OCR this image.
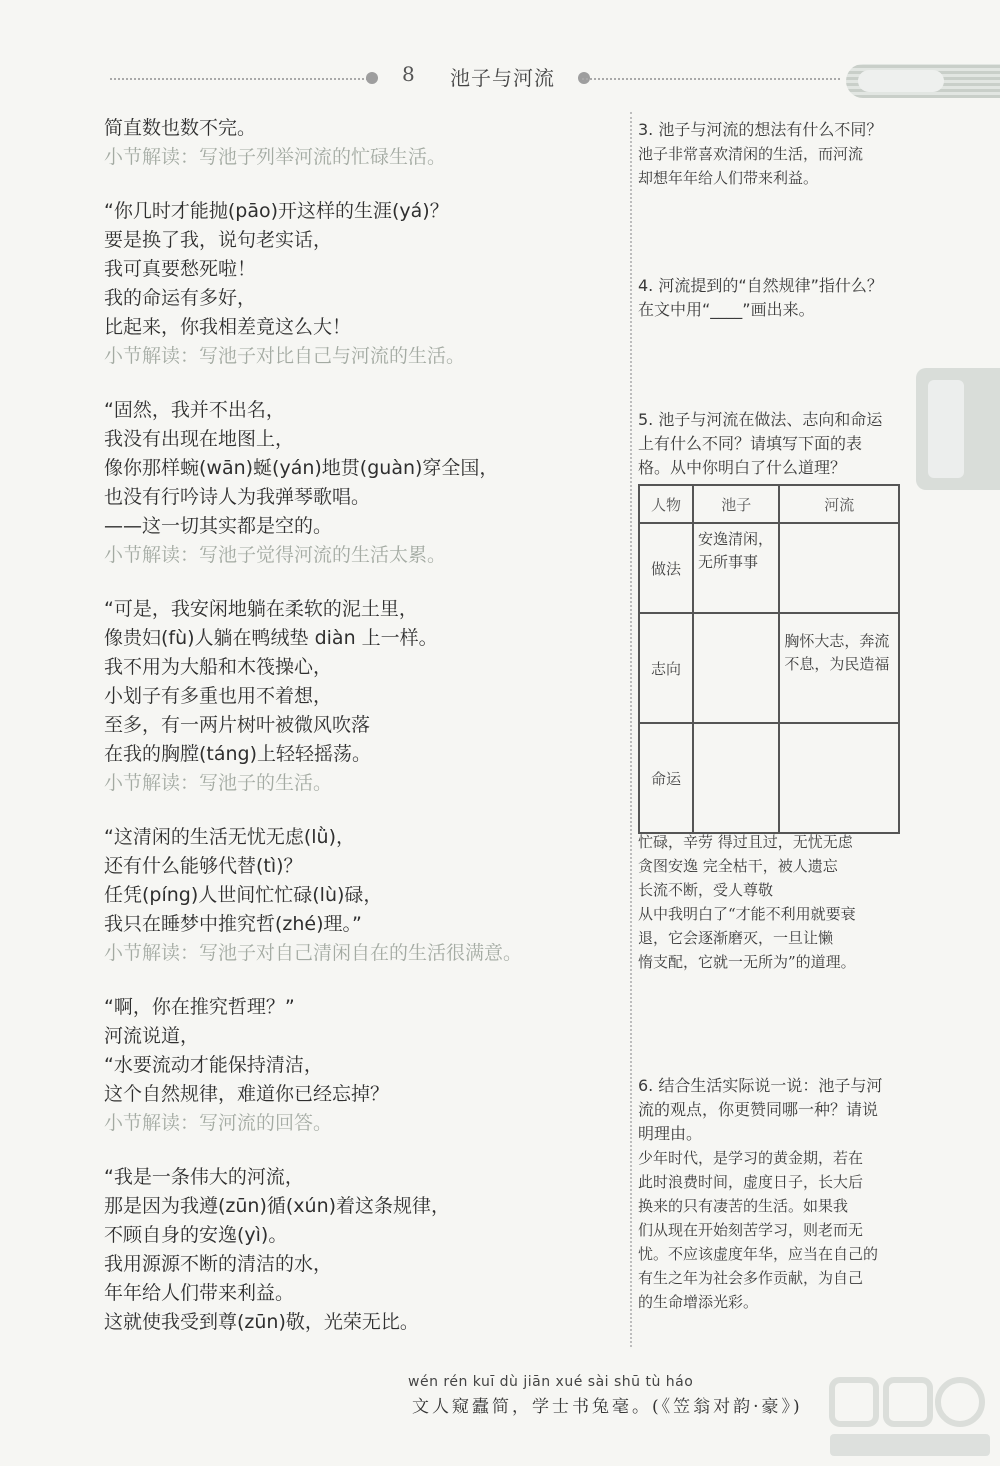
8 池子与河流
简直数也数不完。
小节解读：写池子列举河流的忙碌生活。
“你几时才能抛(pāo)开这样的生涯(yá)？
要是换了我，说句老实话，
我可真要愁死啦！
我的命运有多好，
比起来，你我相差竟这么大！
小节解读：写池子对比自己与河流的生活。
“固然，我并不出名，
我没有出现在地图上，
像你那样蜿(wān)蜒(yán)地贯(guàn)穿全国，
也没有行吟诗人为我弹琴歌唱。
——这一切其实都是空的。
小节解读：写池子觉得河流的生活太累。
“可是，我安闲地躺在柔软的泥土里，
像贵妇(fù)人躺在鸭绒垫 diàn 上一样。
我不用为大船和木筏操心，
小划子有多重也用不着想，
至多，有一两片树叶被微风吹落
在我的胸膛(táng)上轻轻摇荡。
小节解读：写池子的生活。
“这清闲的生活无忧无虑(lǜ)，
还有什么能够代替(tì)？
任凭(píng)人世间忙忙碌(lù)碌，
我只在睡梦中推究哲(zhé)理。”
小节解读：写池子对自己清闲自在的生活很满意。
“啊，你在推究哲理？”
河流说道，
“水要流动才能保持清洁，
这个自然规律，难道你已经忘掉？
小节解读：写河流的回答。
“我是一条伟大的河流，
那是因为我遵(zūn)循(xún)着这条规律，
不顾自身的安逸(yì)。
我用源源不断的清洁的水，
年年给人们带来利益。
这就使我受到尊(zūn)敬，光荣无比。
3. 池子与河流的想法有什么不同？
池子非常喜欢清闲的生活，而河流
却想年年给人们带来利益。
4. 河流提到的“自然规律”指什么？
在文中用“____”画出来。
5. 池子与河流在做法、志向和命运
上有什么不同？请填写下面的表
格。从中你明白了什么道理？
人物	池子	河流
做法	安逸清闲，无所事事	
志向		胸怀大志，奔流不息，为民造福
命运		
忙碌，辛劳 得过且过，无忧无虑
贪图安逸 完全枯干，被人遗忘
长流不断，受人尊敬
从中我明白了“才能不利用就要衰
退，它会逐渐磨灭，一旦让懒
惰支配，它就一无所为”的道理。
6. 结合生活实际说一说：池子与河
流的观点，你更赞同哪一种？请说
明理由。
少年时代，是学习的黄金期，若在
此时浪费时间，虚度日子，长大后
换来的只有凄苦的生活。如果我
们从现在开始刻苦学习，则老而无
忧。不应该虚度年华，应当在自己的
有生之年为社会多作贡献，为自己
的生命增添光彩。
wén rén kuī dù jiān xué sài shū tù háo
文人窥蠹简，学士书兔毫。(《笠翁对韵·豪》)
